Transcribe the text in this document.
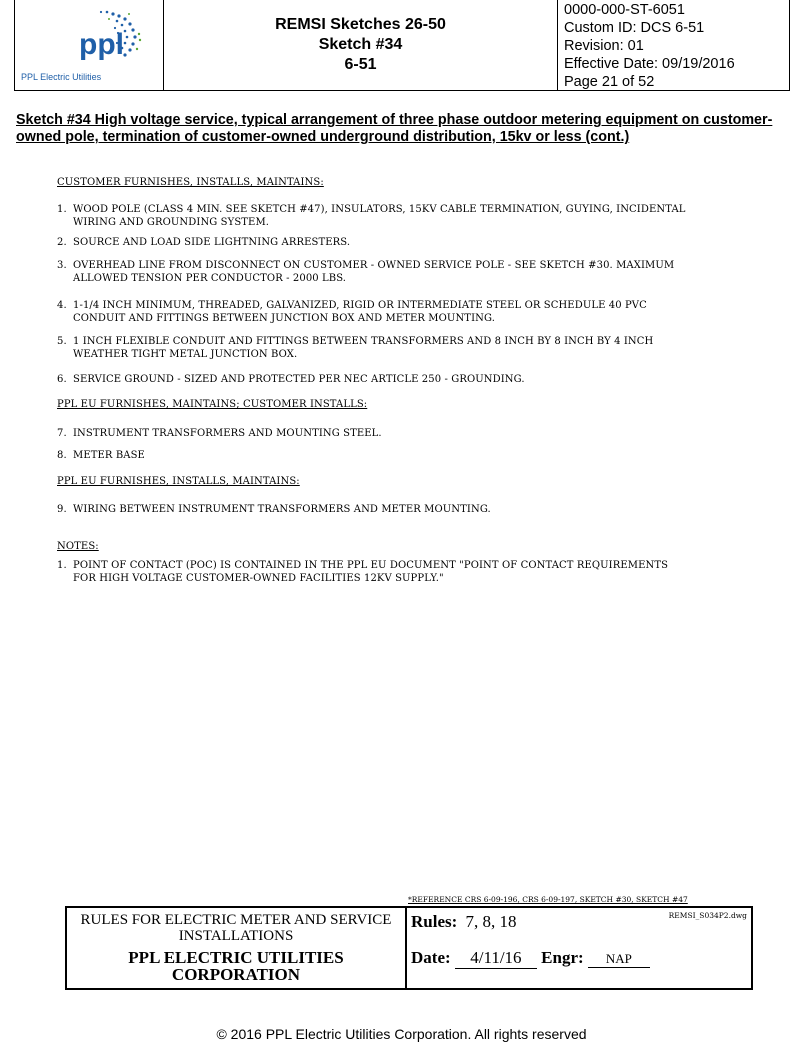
ppl
PPL Electric Utilities
REMSI Sketches 26-50
Sketch #34
6-51
0000-000-ST-6051
Custom ID: DCS 6-51
Revision: 01
Effective Date: 09/19/2016
Page 21 of 52
Sketch #34 High voltage service, typical arrangement of three phase outdoor metering equipment on customer-owned pole, termination of customer-owned underground distribution, 15kv or less (cont.)
CUSTOMER FURNISHES, INSTALLS, MAINTAINS:
1. WOOD POLE (CLASS 4 MIN. SEE SKETCH #47), INSULATORS, 15KV CABLE TERMINATION, GUYING, INCIDENTAL
WIRING AND GROUNDING SYSTEM.
2. SOURCE AND LOAD SIDE LIGHTNING ARRESTERS.
3. OVERHEAD LINE FROM DISCONNECT ON CUSTOMER - OWNED SERVICE POLE - SEE SKETCH #30. MAXIMUM
ALLOWED TENSION PER CONDUCTOR - 2000 LBS.
4. 1-1/4 INCH MINIMUM, THREADED, GALVANIZED, RIGID OR INTERMEDIATE STEEL OR SCHEDULE 40 PVC
CONDUIT AND FITTINGS BETWEEN JUNCTION BOX AND METER MOUNTING.
5. 1 INCH FLEXIBLE CONDUIT AND FITTINGS BETWEEN TRANSFORMERS AND 8 INCH BY 8 INCH BY 4 INCH
WEATHER TIGHT METAL JUNCTION BOX.
6. SERVICE GROUND - SIZED AND PROTECTED PER NEC ARTICLE 250 - GROUNDING.
PPL EU FURNISHES, MAINTAINS; CUSTOMER INSTALLS:
7. INSTRUMENT TRANSFORMERS AND MOUNTING STEEL.
8. METER BASE
PPL EU FURNISHES, INSTALLS, MAINTAINS:
9. WIRING BETWEEN INSTRUMENT TRANSFORMERS AND METER MOUNTING.
NOTES:
1. POINT OF CONTACT (POC) IS CONTAINED IN THE PPL EU DOCUMENT "POINT OF CONTACT REQUIREMENTS
FOR HIGH VOLTAGE CUSTOMER-OWNED FACILITIES 12KV SUPPLY."
*REFERENCE CRS 6-09-196, CRS 6-09-197, SKETCH #30, SKETCH #47
RULES FOR ELECTRIC METER AND SERVICE
INSTALLATIONS
PPL ELECTRIC UTILITIES
CORPORATION
Rules: 7, 8, 18	REMSI_S034P2.dwg
Date: 4/11/16 Engr: NAP
© 2016 PPL Electric Utilities Corporation. All rights reserved
